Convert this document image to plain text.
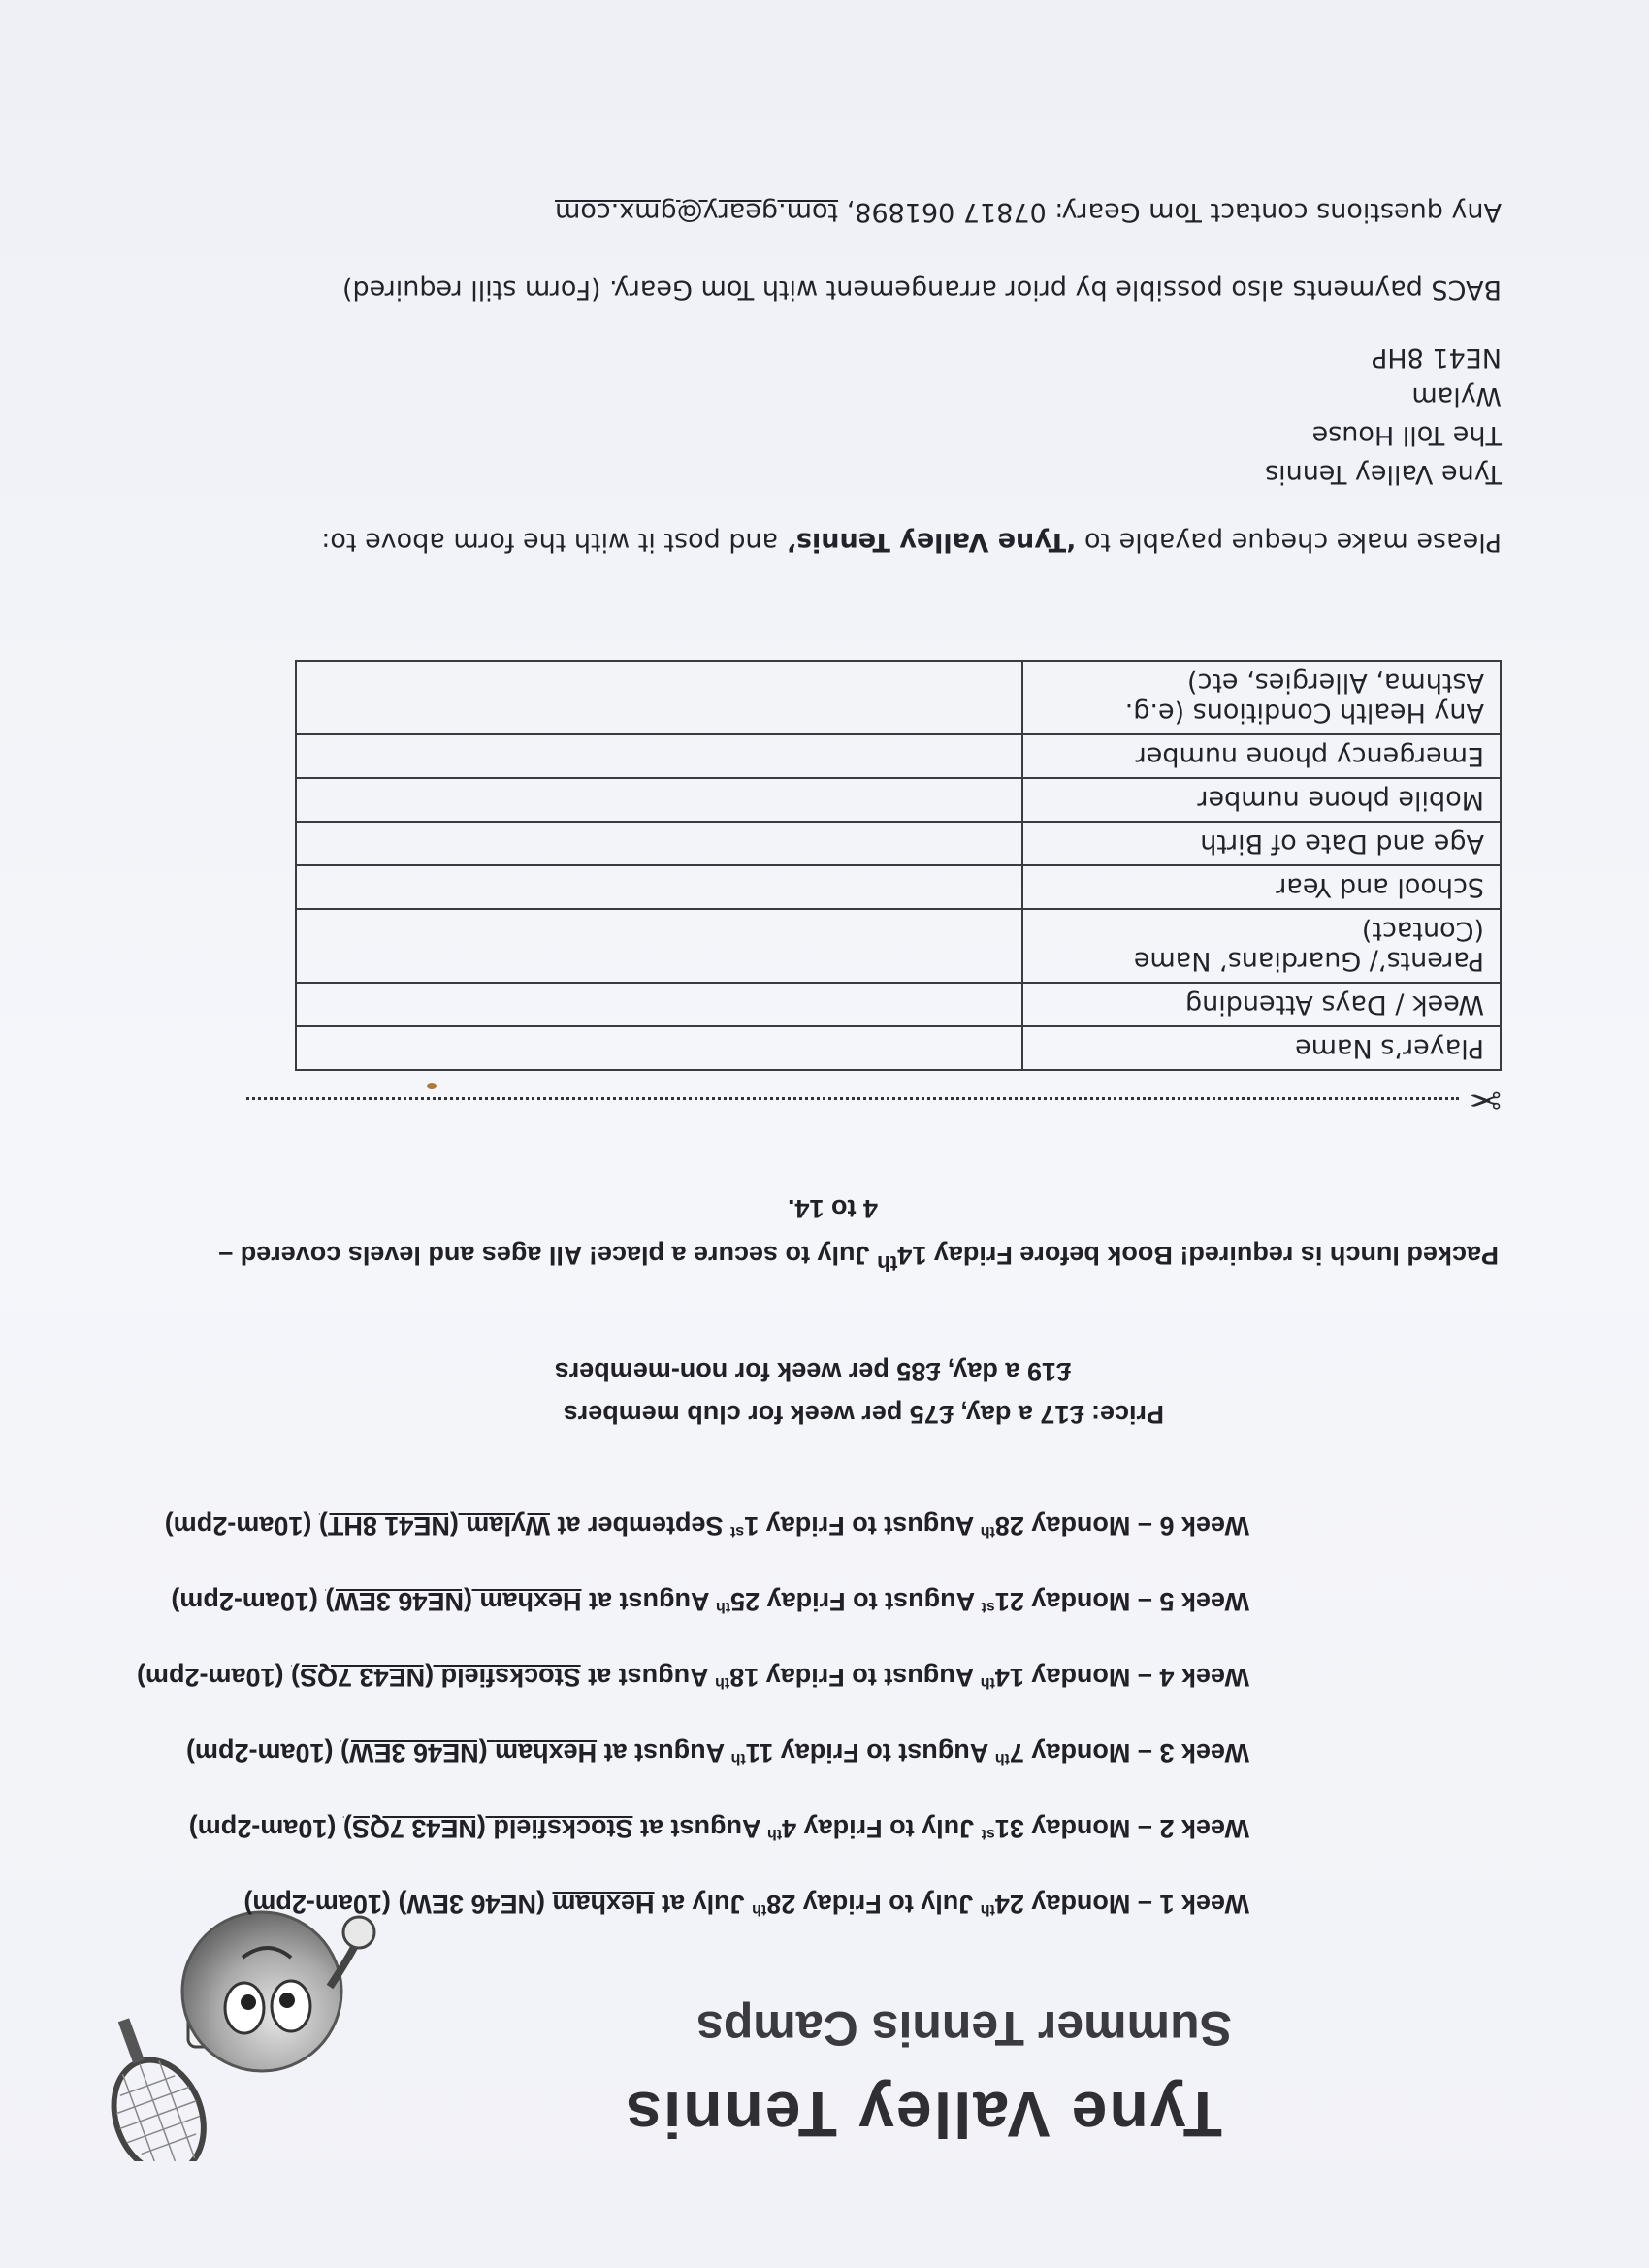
Tyne Valley Tennis
Summer Tennis Camps
Week 1 – Monday 24th July to Friday 28th July at Hexham (NE46 3EW) (10am-2pm)
Week 2 – Monday 31st July to Friday 4th August at Stocksfield (NE43 7QS) (10am-2pm)
Week 3 – Monday 7th August to Friday 11th August at Hexham (NE46 3EW) (10am-2pm)
Week 4 – Monday 14th August to Friday 18th August at Stocksfield (NE43 7QS) (10am-2pm)
Week 5 – Monday 21st August to Friday 25th August at Hexham (NE46 3EW) (10am-2pm)
Week 6 – Monday 28th August to Friday 1st September at Wylam (NE41 8HT) (10am-2pm)
Price: £17 a day, £75 per week for club members
£19 a day, £85 per week for non-members
Packed lunch is required! Book before Friday 14th July to secure a place! All ages and levels covered –
4 to 14.
✂
Player’s Name	
Week / Days Attending	
Parents’/ Guardians’ Name (Contact)	
School and Year	
Age and Date of Birth	
Mobile phone number	
Emergency phone number	
Any Health Conditions (e.g. Asthma, Allergies, etc)	

Please make cheque payable to ‘Tyne Valley Tennis’ and post it with the form above to:

Tyne Valley Tennis
The Toll House
Wylam
NE41 8HP

BACS payments also possible by prior arrangement with Tom Geary. (Form still required)

Any questions contact Tom Geary: 07817 061898, tom.geary@gmx.com
